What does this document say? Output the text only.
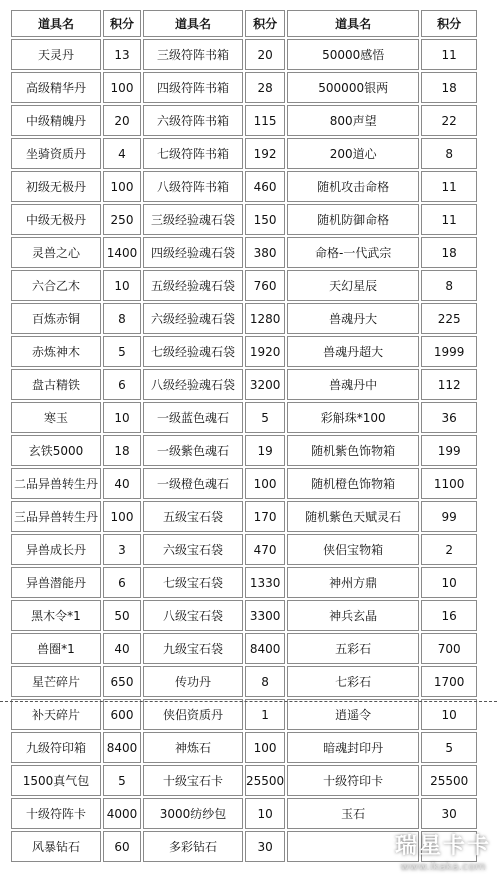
道具名	积分	道具名	积分	道具名	积分
天灵丹	13	三级符阵书箱	20	50000感悟	11
高级精华丹	100	四级符阵书箱	28	500000银两	18
中级精魄丹	20	六级符阵书箱	115	800声望	22
坐骑资质丹	4	七级符阵书箱	192	200道心	8
初级无极丹	100	八级符阵书箱	460	随机攻击命格	11
中级无极丹	250	三级经验魂石袋	150	随机防御命格	11
灵兽之心	1400	四级经验魂石袋	380	命格-一代武宗	18
六合乙木	10	五级经验魂石袋	760	天幻星辰	8
百炼赤铜	8	六级经验魂石袋	1280	兽魂丹大	225
赤炼神木	5	七级经验魂石袋	1920	兽魂丹超大	1999
盘古精铁	6	八级经验魂石袋	3200	兽魂丹中	112
寒玉	10	一级蓝色魂石	5	彩斛珠*100	36
玄铁5000	18	一级紫色魂石	19	随机紫色饰物箱	199
二品异兽转生丹	40	一级橙色魂石	100	随机橙色饰物箱	1100
三品异兽转生丹	100	五级宝石袋	170	随机紫色天赋灵石	99
异兽成长丹	3	六级宝石袋	470	侠侣宝物箱	2
异兽潜能丹	6	七级宝石袋	1330	神州方鼎	10
黑木令*1	50	八级宝石袋	3300	神兵玄晶	16
兽圈*1	40	九级宝石袋	8400	五彩石	700
星芒碎片	650	传功丹	8	七彩石	1700
补天碎片	600	侠侣资质丹	1	逍遥令	10
九级符印箱	8400	神炼石	100	暗魂封印丹	5
1500真气包	5	十级宝石卡	25500	十级符印卡	25500
十级符阵卡	4000	3000纺纱包	10	玉石	30
风暴钻石	60	多彩钻石	30			瑞星卡卡
www.ikaka.com
